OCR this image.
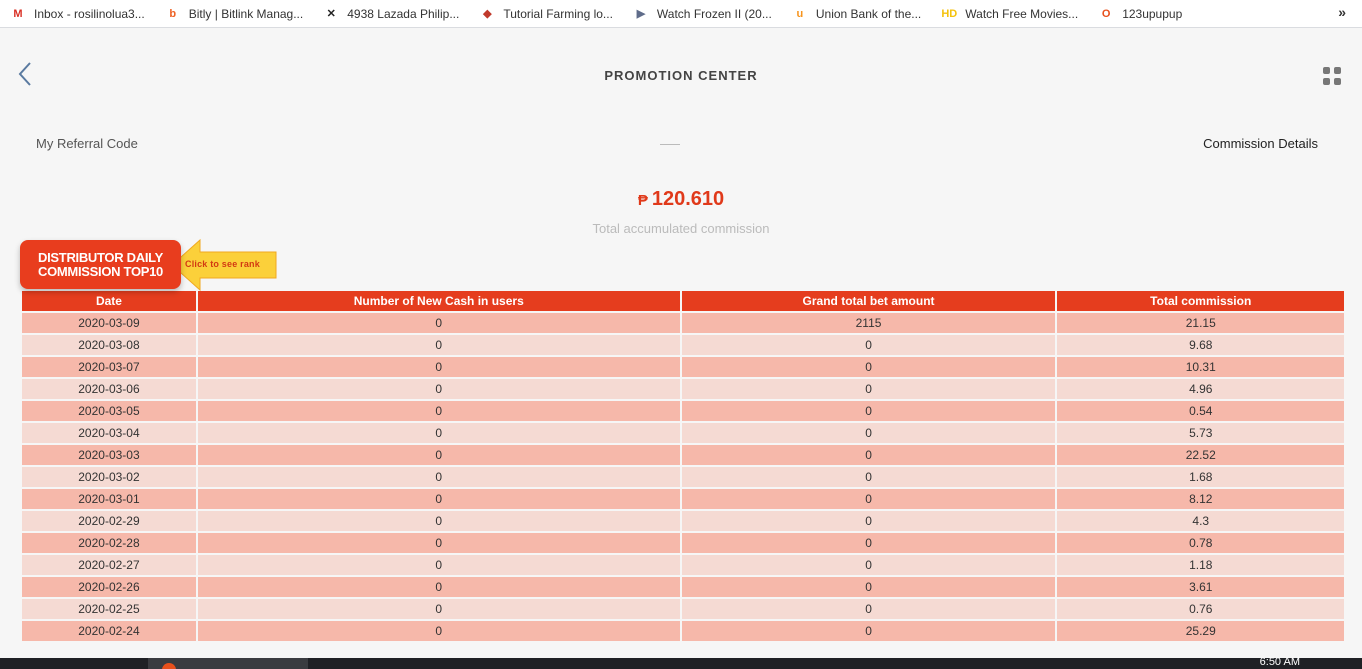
M Inbox - rosilinolua3...	b	Bitly | Bitlink Manag...	✕ 4938 Lazada Philip...	◆ Tutorial Farming lo...	▶ Watch Frozen II (20...	u	Union Bank of the... HD Watch Free Movies...	O 123upupup	»
PROMOTION CENTER
My Referral Code	Commission Details
₱ 120.610
Total accumulated commission
DISTRIBUTOR DAILY
COMMISSION TOP10	Click to see rank
Date	Number of New Cash in users	Grand total bet amount	Total commission
2020-03-09	0	2115	21.15
2020-03-08	0	0	9.68
2020-03-07	0	0	10.31
2020-03-06	0	0	4.96
2020-03-05	0	0	0.54
2020-03-04	0	0	5.73
2020-03-03	0	0	22.52
2020-03-02	0	0	1.68
2020-03-01	0	0	8.12
2020-02-29	0	0	4.3
2020-02-28	0	0	0.78
2020-02-27	0	0	1.18
2020-02-26	0	0	3.61
2020-02-25	0	0	0.76
2020-02-24	0	0	25.29
6:50 AM
